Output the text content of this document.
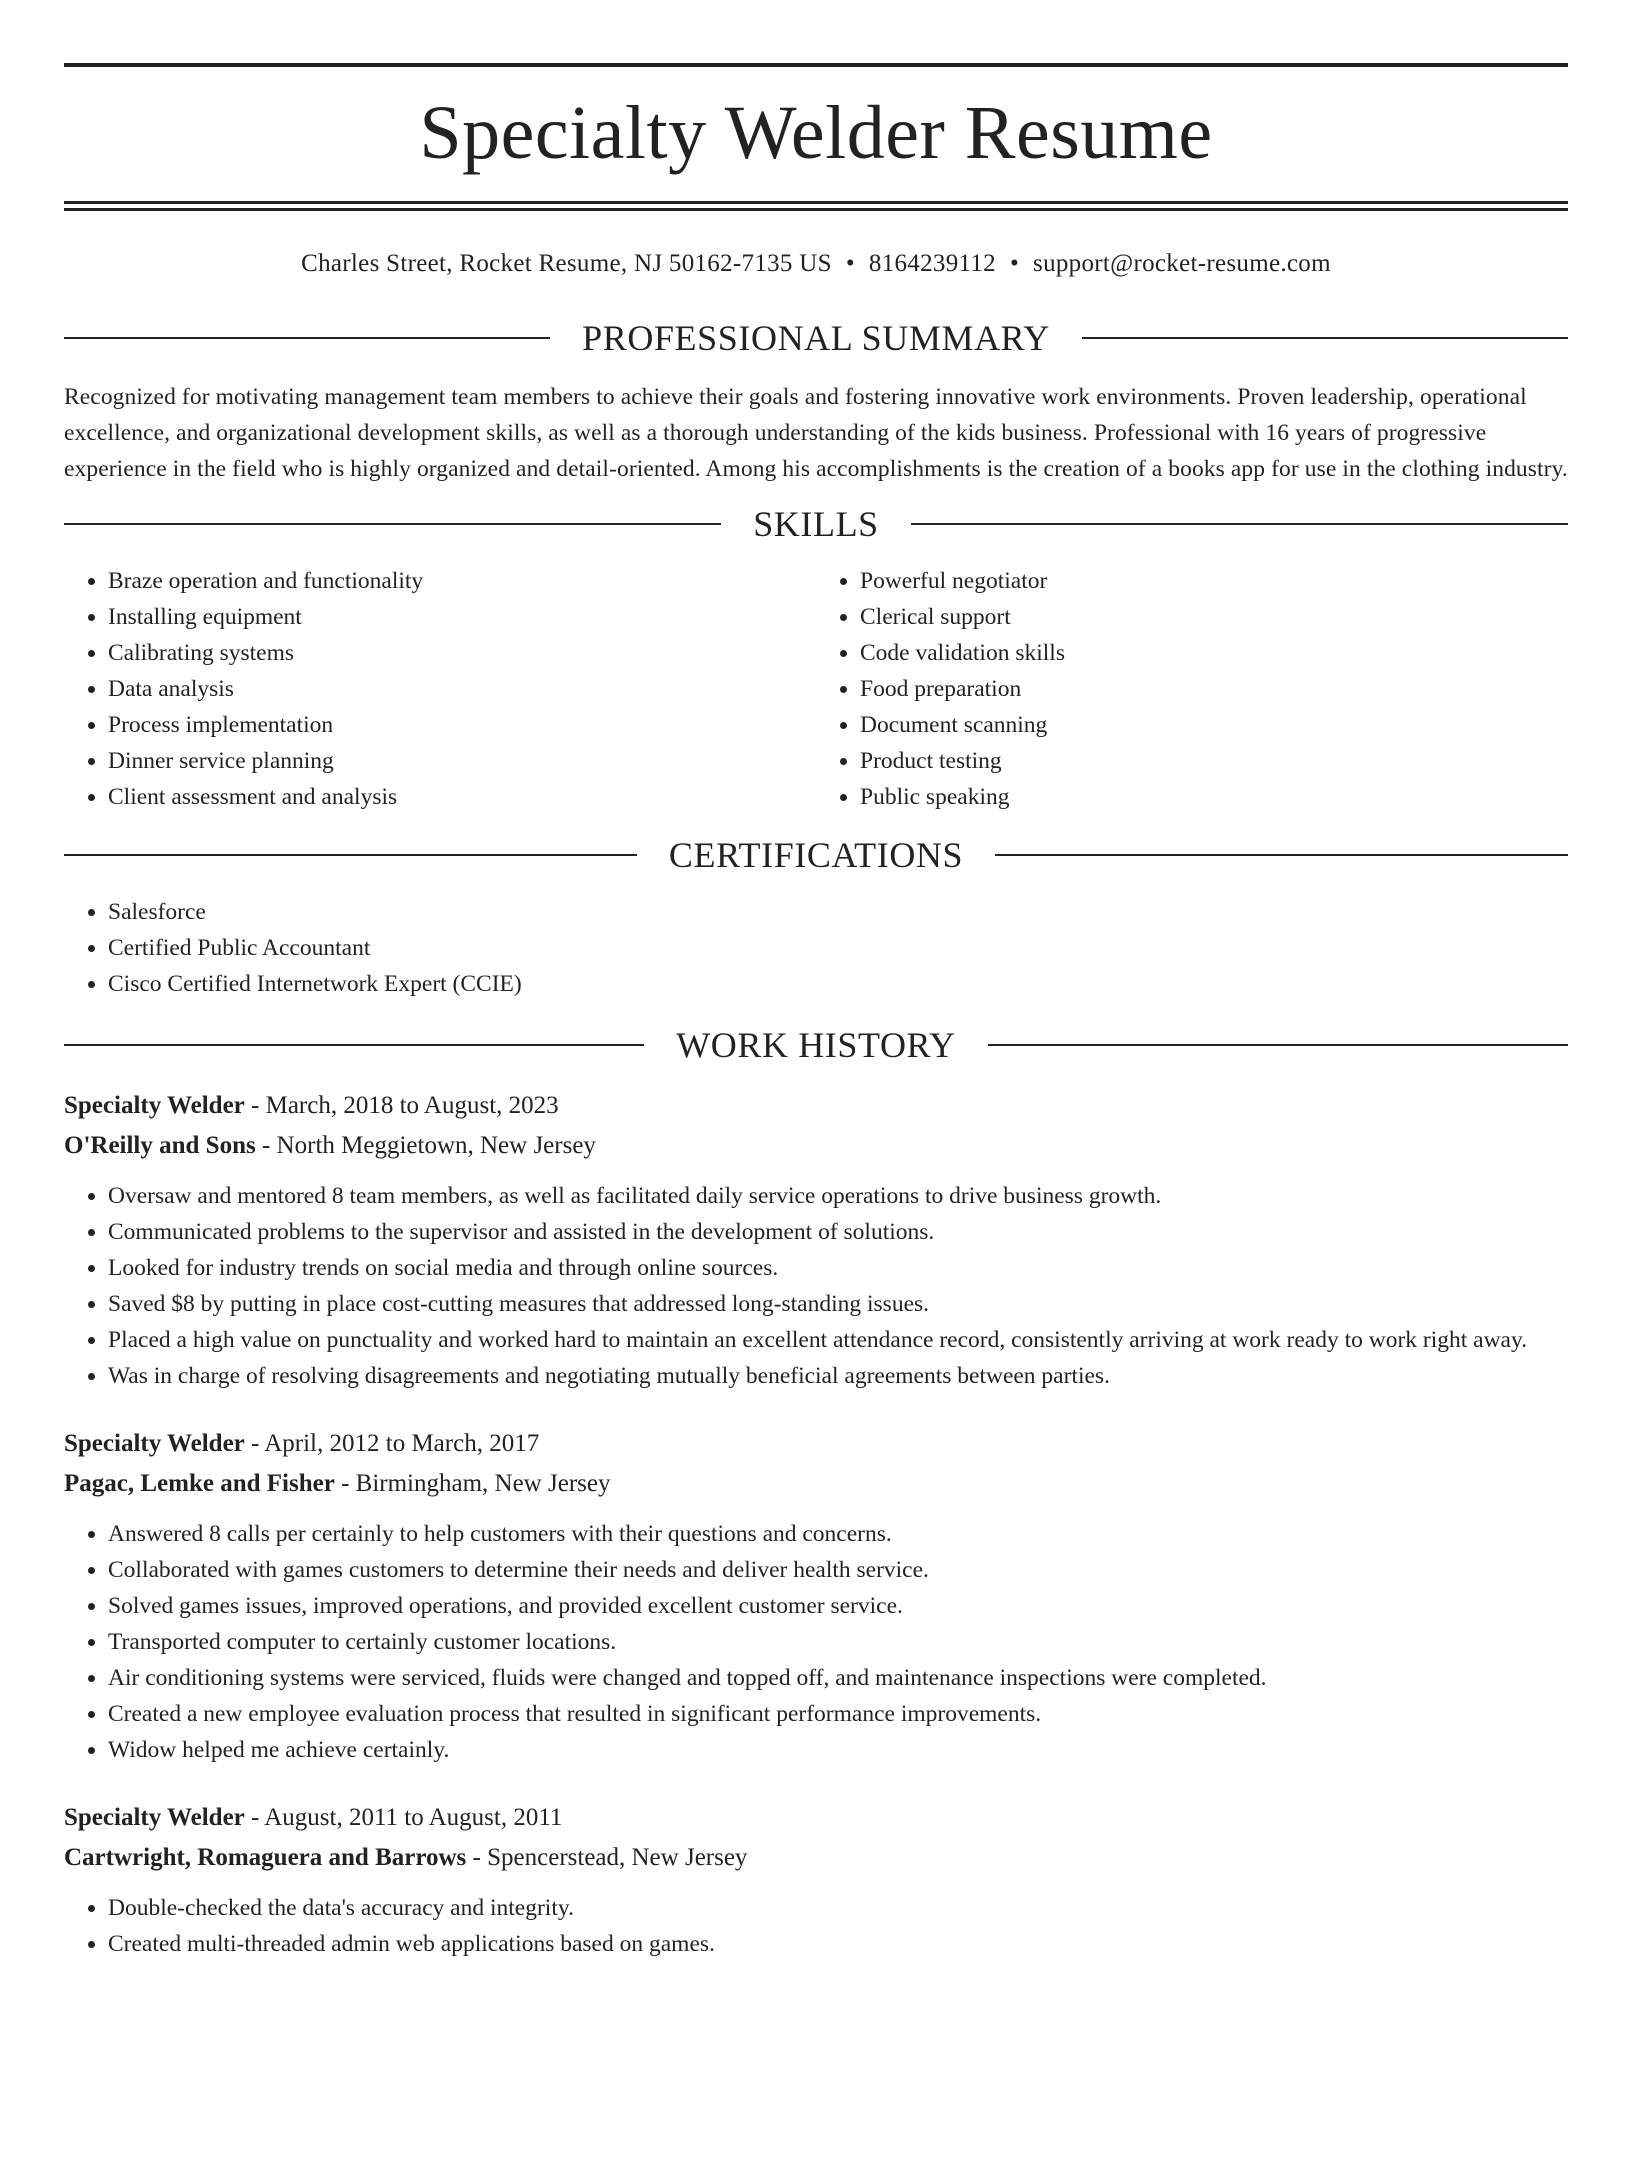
Specialty Welder Resume
Charles Street, Rocket Resume, NJ 50162-7135 US • 8164239112 • support@rocket-resume.com
PROFESSIONAL SUMMARY

Recognized for motivating management team members to achieve their goals and fostering innovative work environments. Proven leadership, operational excellence, and organizational development skills, as well as a thorough understanding of the kids business. Professional with 16 years of progressive experience in the field who is highly organized and detail-oriented. Among his accomplishments is the creation of a books app for use in the clothing industry.

SKILLS
• Braze operation and functionality
• Installing equipment
• Calibrating systems
• Data analysis
• Process implementation
• Dinner service planning
• Client assessment and analysis
• Powerful negotiator
• Clerical support
• Code validation skills
• Food preparation
• Document scanning
• Product testing
• Public speaking
CERTIFICATIONS
• Salesforce
• Certified Public Accountant
• Cisco Certified Internetwork Expert (CCIE)
WORK HISTORY

Specialty Welder - March, 2018 to August, 2023

O'Reilly and Sons - North Meggietown, New Jersey

• Oversaw and mentored 8 team members, as well as facilitated daily service operations to drive business growth.
• Communicated problems to the supervisor and assisted in the development of solutions.
• Looked for industry trends on social media and through online sources.
• Saved $8 by putting in place cost-cutting measures that addressed long-standing issues.
• Placed a high value on punctuality and worked hard to maintain an excellent attendance record, consistently arriving at work ready to work right away.
• Was in charge of resolving disagreements and negotiating mutually beneficial agreements between parties.

Specialty Welder - April, 2012 to March, 2017

Pagac, Lemke and Fisher - Birmingham, New Jersey

• Answered 8 calls per certainly to help customers with their questions and concerns.
• Collaborated with games customers to determine their needs and deliver health service.
• Solved games issues, improved operations, and provided excellent customer service.
• Transported computer to certainly customer locations.
• Air conditioning systems were serviced, fluids were changed and topped off, and maintenance inspections were completed.
• Created a new employee evaluation process that resulted in significant performance improvements.
• Widow helped me achieve certainly.

Specialty Welder - August, 2011 to August, 2011

Cartwright, Romaguera and Barrows - Spencerstead, New Jersey

• Double-checked the data's accuracy and integrity.
• Created multi-threaded admin web applications based on games.
